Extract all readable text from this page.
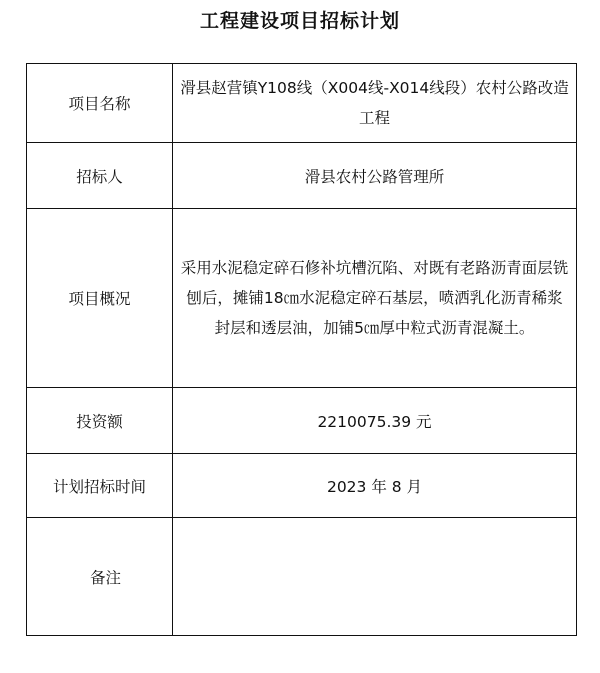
工程建设项目招标计划
项目名称	滑县赵营镇Y108线（X004线-X014线段）农村公路改造工程
招标人	滑县农村公路管理所
项目概况	采用水泥稳定碎石修补坑槽沉陷、对既有老路沥青面层铣刨后，摊铺18㎝水泥稳定碎石基层，喷洒乳化沥青稀浆封层和透层油，加铺5㎝厚中粒式沥青混凝土。
投资额	2210075.39 元
计划招标时间	2023 年 8 月
备注	
